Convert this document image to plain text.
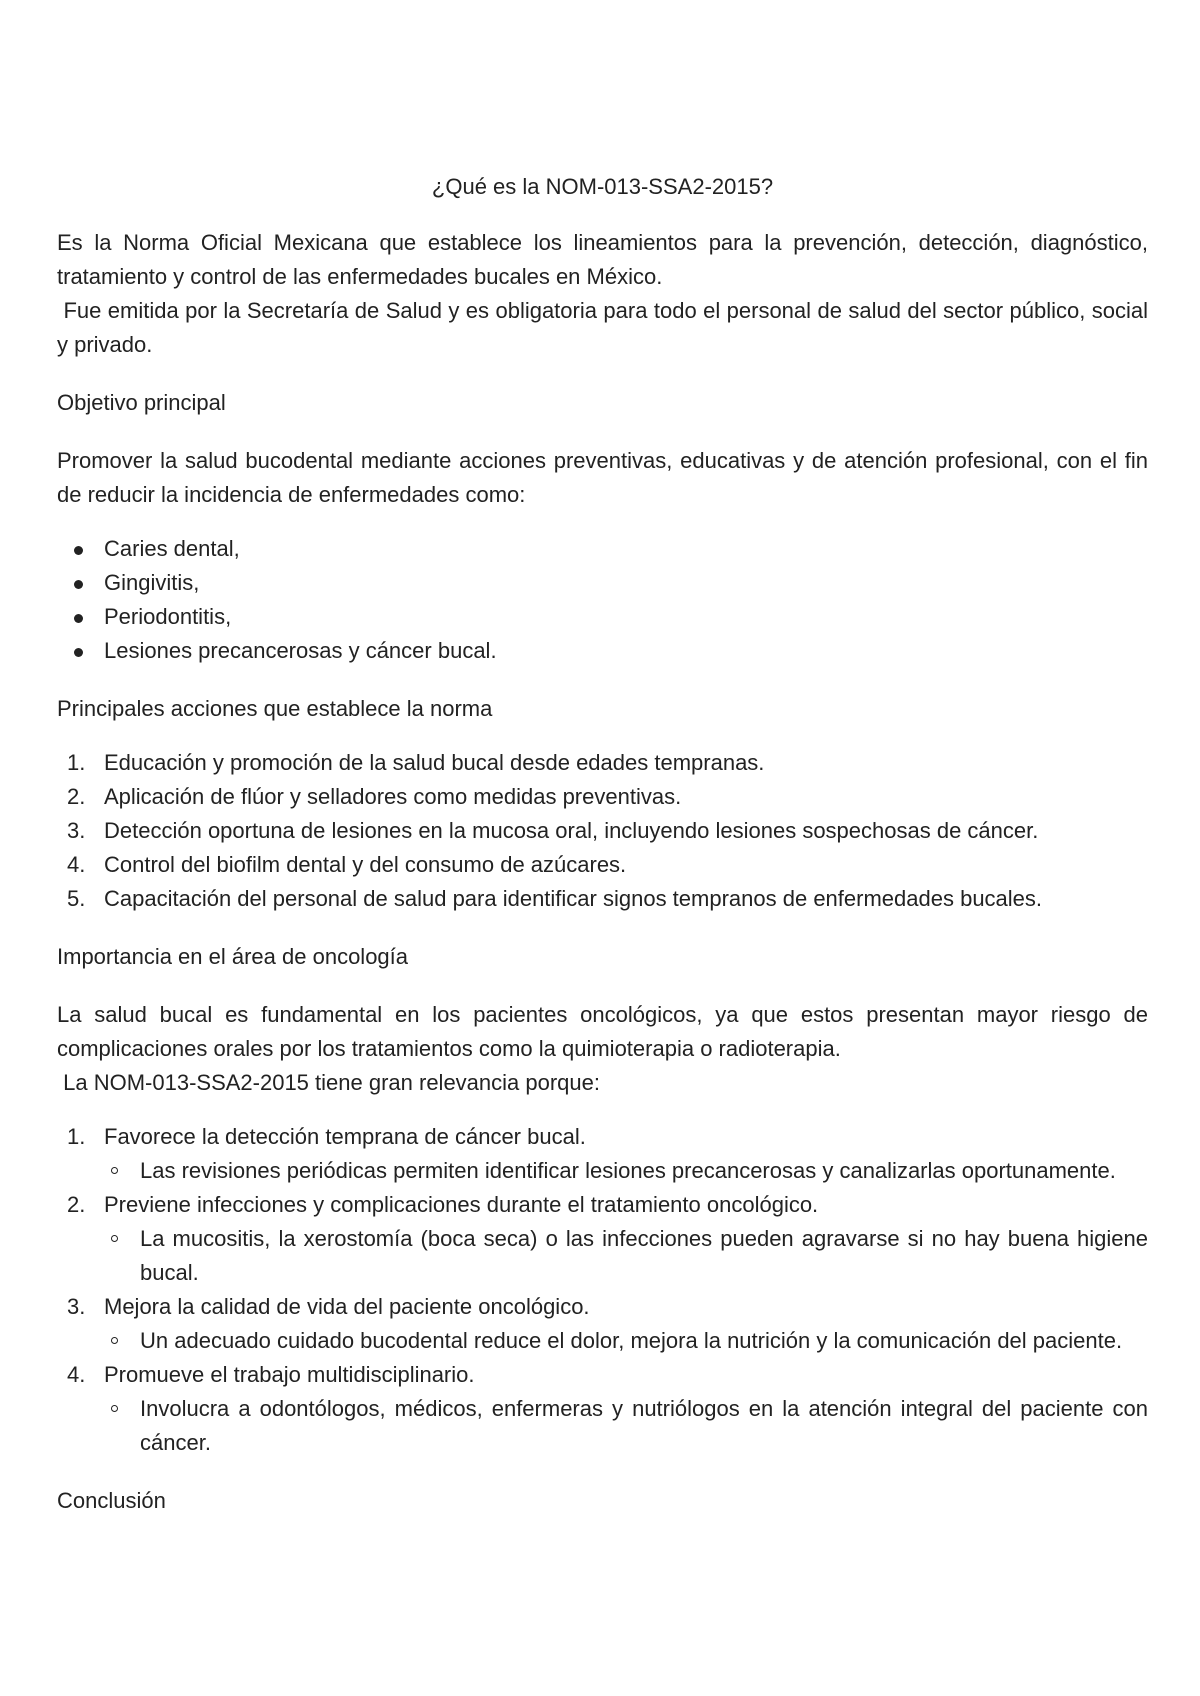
¿Qué es la NOM-013-SSA2-2015?

Es la Norma Oficial Mexicana que establece los lineamientos para la prevención, detección, diagnóstico, tratamiento y control de las enfermedades bucales en México.

Fue emitida por la Secretaría de Salud y es obligatoria para todo el personal de salud del sector público, social y privado.

Objetivo principal

Promover la salud bucodental mediante acciones preventivas, educativas y de atención profesional, con el fin de reducir la incidencia de enfermedades como:

Caries dental,
Gingivitis,
Periodontitis,
Lesiones precancerosas y cáncer bucal.

Principales acciones que establece la norma

1. Educación y promoción de la salud bucal desde edades tempranas.
2. Aplicación de flúor y selladores como medidas preventivas.
3. Detección oportuna de lesiones en la mucosa oral, incluyendo lesiones sospechosas de cáncer.
4. Control del biofilm dental y del consumo de azúcares.
5. Capacitación del personal de salud para identificar signos tempranos de enfermedades bucales.

Importancia en el área de oncología

La salud bucal es fundamental en los pacientes oncológicos, ya que estos presentan mayor riesgo de complicaciones orales por los tratamientos como la quimioterapia o radioterapia.

La NOM-013-SSA2-2015 tiene gran relevancia porque:

1. Favorece la detección temprana de cáncer bucal.
Las revisiones periódicas permiten identificar lesiones precancerosas y canalizarlas oportunamente.
2. Previene infecciones y complicaciones durante el tratamiento oncológico.
La mucositis, la xerostomía (boca seca) o las infecciones pueden agravarse si no hay buena higiene bucal.
3. Mejora la calidad de vida del paciente oncológico.
Un adecuado cuidado bucodental reduce el dolor, mejora la nutrición y la comunicación del paciente.
4. Promueve el trabajo multidisciplinario.
Involucra a odontólogos, médicos, enfermeras y nutriólogos en la atención integral del paciente con cáncer.

Conclusión
